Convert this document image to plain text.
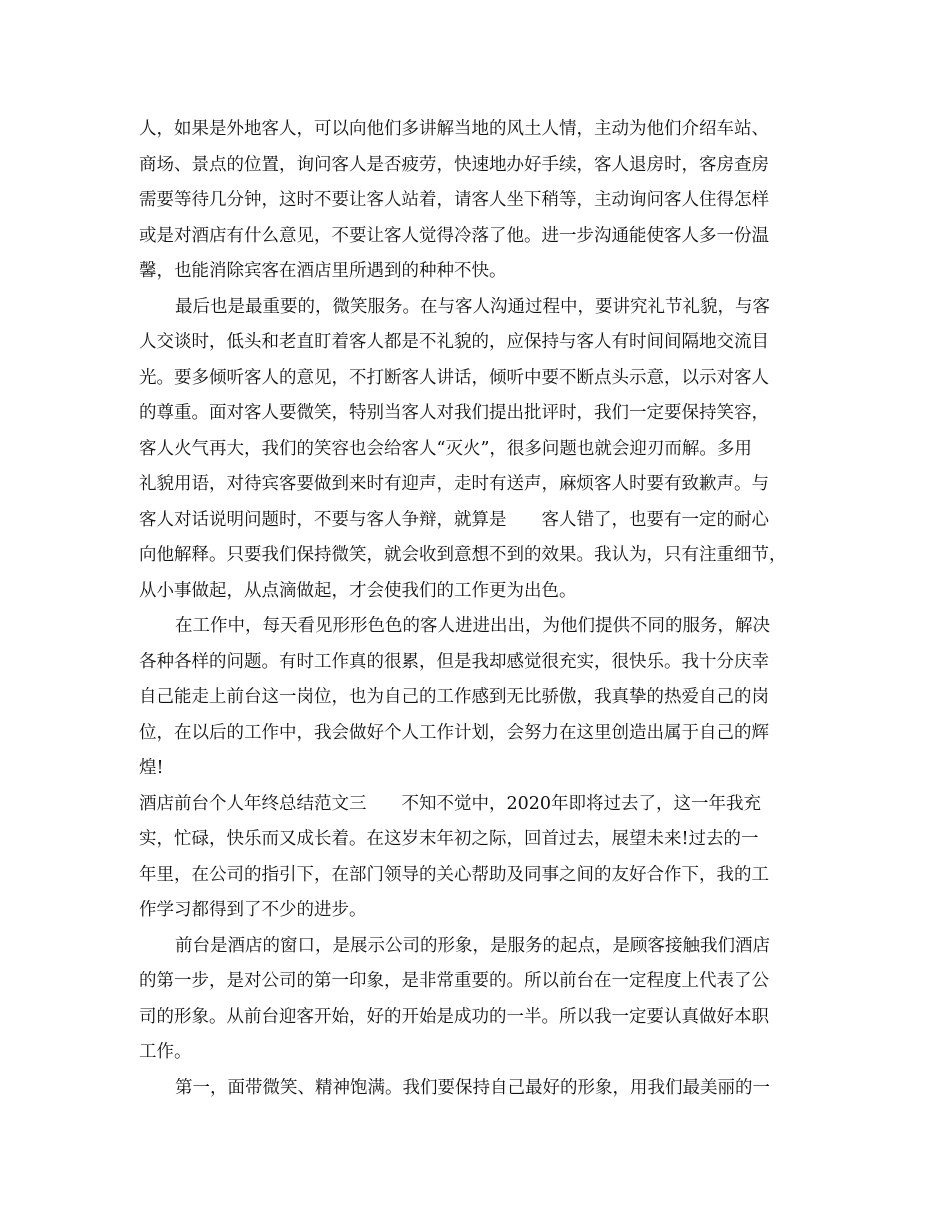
人，如果是外地客人，可以向他们多讲解当地的风土人情，主动为他们介绍车站、
商场、景点的位置，询问客人是否疲劳，快速地办好手续，客人退房时，客房查房
需要等待几分钟，这时不要让客人站着，请客人坐下稍等，主动询问客人住得怎样
或是对酒店有什么意见，不要让客人觉得冷落了他。进一步沟通能使客人多一份温
馨，也能消除宾客在酒店里所遇到的种种不快。
最后也是最重要的，微笑服务。在与客人沟通过程中，要讲究礼节礼貌，与客
人交谈时，低头和老直盯着客人都是不礼貌的，应保持与客人有时间间隔地交流目
光。要多倾听客人的意见，不打断客人讲话，倾听中要不断点头示意，以示对客人
的尊重。面对客人要微笑，特别当客人对我们提出批评时，我们一定要保持笑容，
客人火气再大，我们的笑容也会给客人“灭火”，很多问题也就会迎刃而解。多用
礼貌用语，对待宾客要做到来时有迎声，走时有送声，麻烦客人时要有致歉声。与
客人对话说明问题时，不要与客人争辩，就算是　　客人错了，也要有一定的耐心
向他解释。只要我们保持微笑，就会收到意想不到的效果。我认为，只有注重细节，
从小事做起，从点滴做起，才会使我们的工作更为出色。
在工作中，每天看见形形色色的客人进进出出，为他们提供不同的服务，解决
各种各样的问题。有时工作真的很累，但是我却感觉很充实，很快乐。我十分庆幸
自己能走上前台这一岗位，也为自己的工作感到无比骄傲，我真挚的热爱自己的岗
位，在以后的工作中，我会做好个人工作计划，会努力在这里创造出属于自己的辉
煌!
酒店前台个人年终总结范文三　　不知不觉中，2020年即将过去了，这一年我充
实，忙碌，快乐而又成长着。在这岁末年初之际，回首过去，展望未来!过去的一
年里，在公司的指引下，在部门领导的关心帮助及同事之间的友好合作下，我的工
作学习都得到了不少的进步。
前台是酒店的窗口，是展示公司的形象，是服务的起点，是顾客接触我们酒店
的第一步，是对公司的第一印象，是非常重要的。所以前台在一定程度上代表了公
司的形象。从前台迎客开始，好的开始是成功的一半。所以我一定要认真做好本职
工作。
第一，面带微笑、精神饱满。我们要保持自己最好的形象，用我们最美丽的一
